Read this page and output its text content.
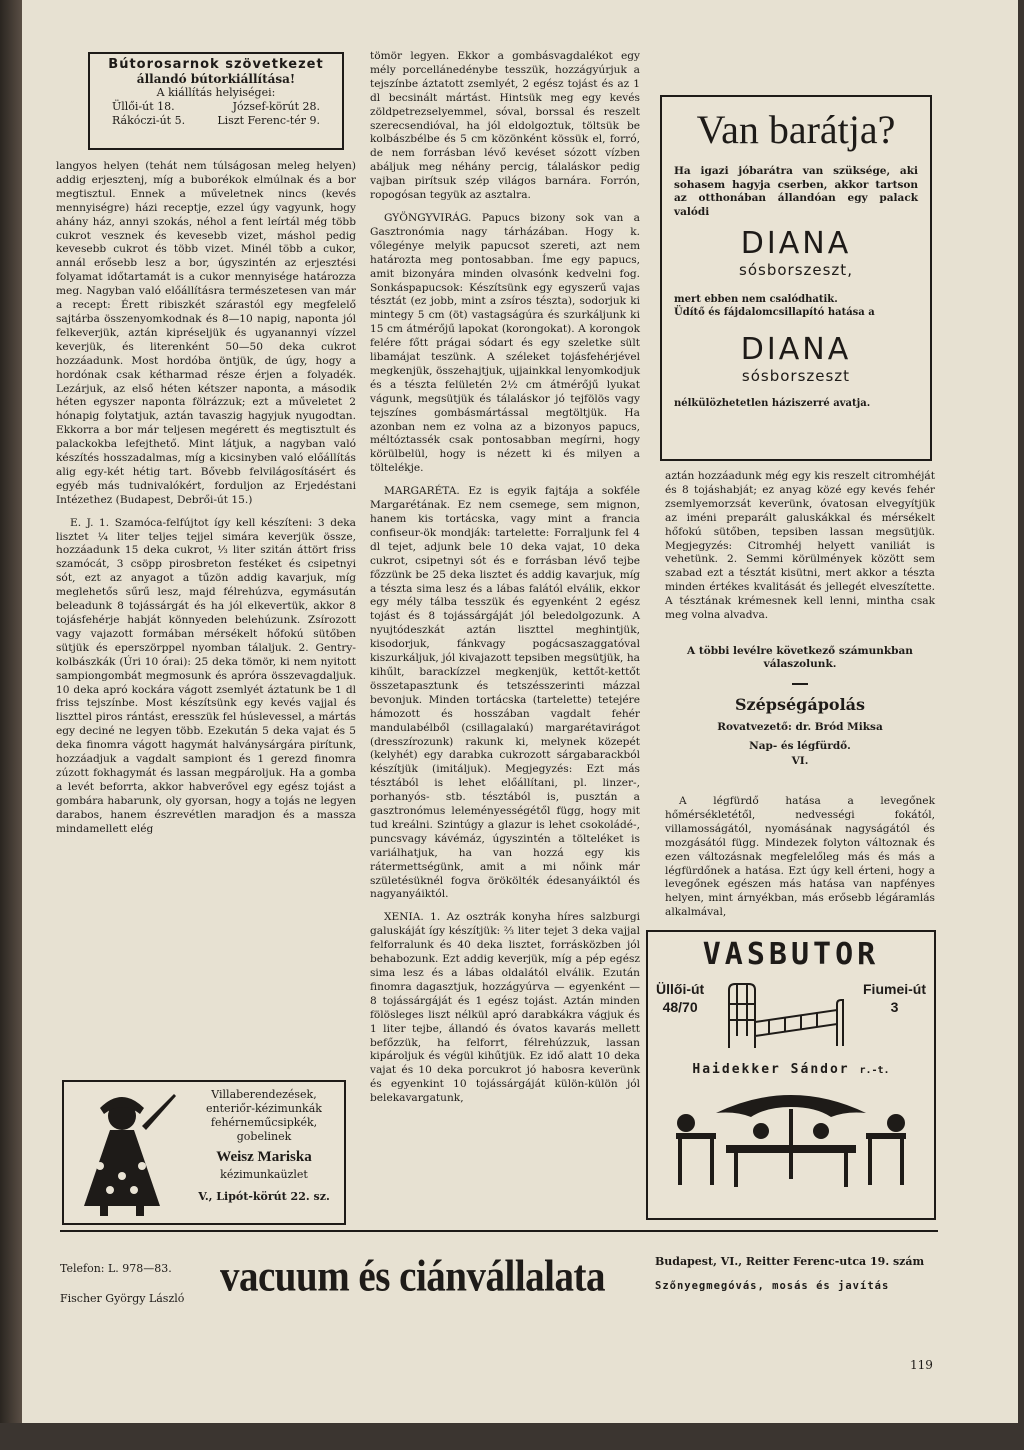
Bútorosarnok szövetkezet
állandó bútorkiállítása!
A kiállítás helyiségei:
Üllői-út 18.	József-körút 28.
Rákóczi-út 5.	Liszt Ferenc-tér 9.

langyos helyen (tehát nem túlságosan meleg helyen) addig erjesztenj, míg a buborékok elmúlnak és a bor megtisztul. Ennek a műveletnek nincs (kevés mennyiségre) házi receptje, ezzel úgy vagyunk, hogy ahány ház, annyi szokás, néhol a fent leírtál még több cukrot vesznek és kevesebb vizet, máshol pedig kevesebb cukrot és több vizet. Minél több a cukor, annál erősebb lesz a bor, úgyszintén az erjesztési folyamat időtartamát is a cukor mennyisége határozza meg. Nagyban való előállításra természetesen van már a recept: Érett ribiszkét szárastól egy megfelelő sajtárba összenyomkodnak és 8—10 napig, naponta jól felkeverjük, aztán kipréseljük és ugyanannyi vízzel keverjük, és literenként 50—50 deka cukrot hozzáadunk. Most hordóba öntjük, de úgy, hogy a hordónak csak kétharmad része érjen a folyadék. Lezárjuk, az első héten kétszer naponta, a második héten egyszer naponta fölrázzuk; ezt a műveletet 2 hónapig folytatjuk, aztán tavaszig hagyjuk nyugodtan. Ekkorra a bor már teljesen megérett és megtisztult és palackokba lefejthető. Mint látjuk, a nagyban való készítés hosszadalmas, míg a kicsinyben való előállítás alig egy-két hétig tart. Bővebb felvilágosításért és egyéb más tudnivalókért, forduljon az Erjedéstani Intézethez (Budapest, Debrői-út 15.)

E. J. 1. Szamóca-felfújtot így kell készíteni: 3 deka lisztet ¼ liter teljes tejjel simára keverjük össze, hozzáadunk 15 deka cukrot, ⅓ liter szitán áttört friss szamócát, 3 csöpp pirosbreton festéket és csipetnyi sót, ezt az anyagot a tűzön addig kavarjuk, míg meglehetős sűrű lesz, majd félrehúzva, egymásután beleadunk 8 tojássárgát és ha jól elkevertük, akkor 8 tojásfehérje habját könnyeden belehúzunk. Zsírozott vagy vajazott formában mérsékelt hőfokú sütőben sütjük és eperszörppel nyomban tálaljuk. 2. Gentry-kolbászkák (Úri 10 órai): 25 deka tömör, ki nem nyitott sampiongombát megmosunk és apróra összevagdaljuk. 10 deka apró kockára vágott zsemlyét áztatunk be 1 dl friss tejszínbe. Most készítsünk egy kevés vajjal és liszttel piros rántást, eresszük fel húslevessel, a mártás egy deciné ne legyen több. Ezekután 5 deka vajat és 5 deka finomra vágott hagymát halványsárgára pirítunk, hozzáadjuk a vagdalt sampiont és 1 gerezd finomra zúzott fokhagymát és lassan megpároljuk. Ha a gomba a levét beforrta, akkor habverővel egy egész tojást a gombára habarunk, oly gyorsan, hogy a tojás ne legyen darabos, hanem észrevétlen maradjon és a massza mindamellett elég

tömör legyen. Ekkor a gombásvagdalékot egy mély porcellánedénybe tesszük, hozzágyúrjuk a tejszínbe áztatott zsemlyét, 2 egész tojást és az 1 dl becsinált mártást. Hintsük meg egy kevés zöldpetrezselyemmel, sóval, borssal és reszelt szerecsendióval, ha jól eldolgoztuk, töltsük be kolbászbélbe és 5 cm közönként kössük el, forró, de nem forrásban lévő kevéset sózott vízben abáljuk meg néhány percig, tálaláskor pedig vajban pirítsuk szép világos barnára. Forrón, ropogósan tegyük az asztalra.

GYÖNGYVIRÁG. Papucs bizony sok van a Gasztronómia nagy tárházában. Hogy k. vőlegénye melyik papucsot szereti, azt nem határozta meg pontosabban. Íme egy papucs, amit bizonyára minden olvasónk kedvelni fog. Sonkáspapucsok: Készítsünk egy egyszerű vajas tésztát (ez jobb, mint a zsíros tészta), sodorjuk ki mintegy 5 cm (öt) vastagságúra és szurkáljunk ki 15 cm átmérőjű lapokat (korongokat). A korongok felére főtt prágai sódart és egy szeletke sült libamájat teszünk. A széleket tojásfehérjével megkenjük, összehajtjuk, ujjainkkal lenyomkodjuk és a tészta felületén 2½ cm átmérőjű lyukat vágunk, megsütjük és tálaláskor jó tejfölös vagy tejszínes gombásmártással megtöltjük. Ha azonban nem ez volna az a bizonyos papucs, méltóztassék csak pontosabban megírni, hogy körülbelül, hogy is nézett ki és milyen a töltelékje.

MARGARÉTA. Ez is egyik fajtája a sokféle Margarétának. Ez nem csemege, sem mignon, hanem kis tortácska, vagy mint a francia confiseur-ök mondják: tartelette: Forraljunk fel 4 dl tejet, adjunk bele 10 deka vajat, 10 deka cukrot, csipetnyi sót és e forrásban lévő tejbe főzzünk be 25 deka lisztet és addig kavarjuk, míg a tészta sima lesz és a lábas falától elválik, ekkor egy mély tálba tesszük és egyenként 2 egész tojást és 8 tojássárgáját jól beledolgozunk. A nyujtódeszkát aztán liszttel meghintjük, kisodorjuk, fánkvagy pogácsaszaggatóval kiszurkáljuk, jól kivajazott tepsiben megsütjük, ha kihűlt, barackízzel megkenjük, kettőt-kettőt összetapasztunk és tetszésszerinti mázzal bevonjuk. Minden tortácska (tartelette) tetejére hámozott és hosszában vagdalt fehér mandulabélből (csillagalakú) margarétavirágot (dresszírozunk) rakunk ki, melynek közepét (kelyhét) egy darabka cukrozott sárgabarackból készítjük (imitáljuk). Megjegyzés: Ezt más tésztából is lehet előállítani, pl. linzer-, porhanyós- stb. tésztából is, pusztán a gasztronómus leleményességétől függ, hogy mit tud kreálni. Szintúgy a glazur is lehet csokoládé-, puncsvagy kávémáz, úgyszintén a tölteléket is variálhatjuk, ha van hozzá egy kis rátermettségünk, amit a mi nőink már születésüknél fogva örökölték édesanyáiktól és nagyanyáiktól.

XENIA. 1. Az osztrák konyha híres salzburgi galuskáját így készítjük: ⅔ liter tejet 3 deka vajjal felforralunk és 40 deka lisztet, forrásközben jól behabozunk. Ezt addig keverjük, míg a pép egész sima lesz és a lábas oldalától elválik. Ezután finomra dagasztjuk, hozzágyúrva — egyenként — 8 tojássárgáját és 1 egész tojást. Aztán minden fölösleges liszt nélkül apró darabkákra vágjuk és 1 liter tejbe, állandó és óvatos kavarás mellett befőzzük, ha felforrt, félrehúzzuk, lassan kipároljuk és végül kihűtjük. Ez idő alatt 10 deka vajat és 10 deka porcukrot jó habosra keverünk és egyenkint 10 tojássárgáját külön-külön jól belekavargatunk,

Van barátja?
Ha igazi jóbarátra van szüksége, aki sohasem hagyja cserben, akkor tartson az otthonában állandóan egy palack valódi
DIANA
sósborszeszt,
mert ebben nem csalódhatik.
Üdítő és fájdalomcsillapító hatása a
DIANA
sósborszeszt
nélkülözhetetlen háziszerré avatja.

aztán hozzáadunk még egy kis reszelt citromhéját és 8 tojáshabját; ez anyag közé egy kevés fehér zsemlyemorzsát keverünk, óvatosan elvegyítjük az iméni preparált galuskákkal és mérsékelt hőfokú sütőben, tepsiben lassan megsütjük. Megjegyzés: Citromhéj helyett vaniliát is vehetünk. 2. Semmi körülmények között sem szabad ezt a tésztát kisütni, mert akkor a tészta minden értékes kvalitását és jellegét elveszítette. A tésztának krémesnek kell lenni, mintha csak meg volna alvadva.

A többi levélre következő számunkban válaszolunk.
Szépségápolás
Rovatvezető: dr. Bród Miksa
Nap- és légfürdő.
VI.

A légfürdő hatása a levegőnek hőmérsékletétől, nedvességi fokától, villamosságától, nyomásának nagyságától és mozgásától függ. Mindezek folyton változnak és ezen változásnak megfelelőleg más és más a légfürdőnek a hatása. Ezt úgy kell érteni, hogy a levegőnek egészen más hatása van napfényes helyen, mint árnyékban, más erősebb légáramlás alkalmával,

VASBUTOR
Üllői-út
48/70
Fiumei-út
3
Haidekker Sándor r.-t.
Villaberendezések,
enteriőr-kézimunkák
fehérneműcsipkék,
gobelinek
Weisz Mariska
kézimunkaüzlet
V., Lipót-körút 22. sz.
Telefon: L. 978—83.
Fischer György László vacuum és ciánvállalata	Budapest, VI., Reitter Ferenc-utca 19. szám
Szőnyegmegóvás, mosás és javítás
119
